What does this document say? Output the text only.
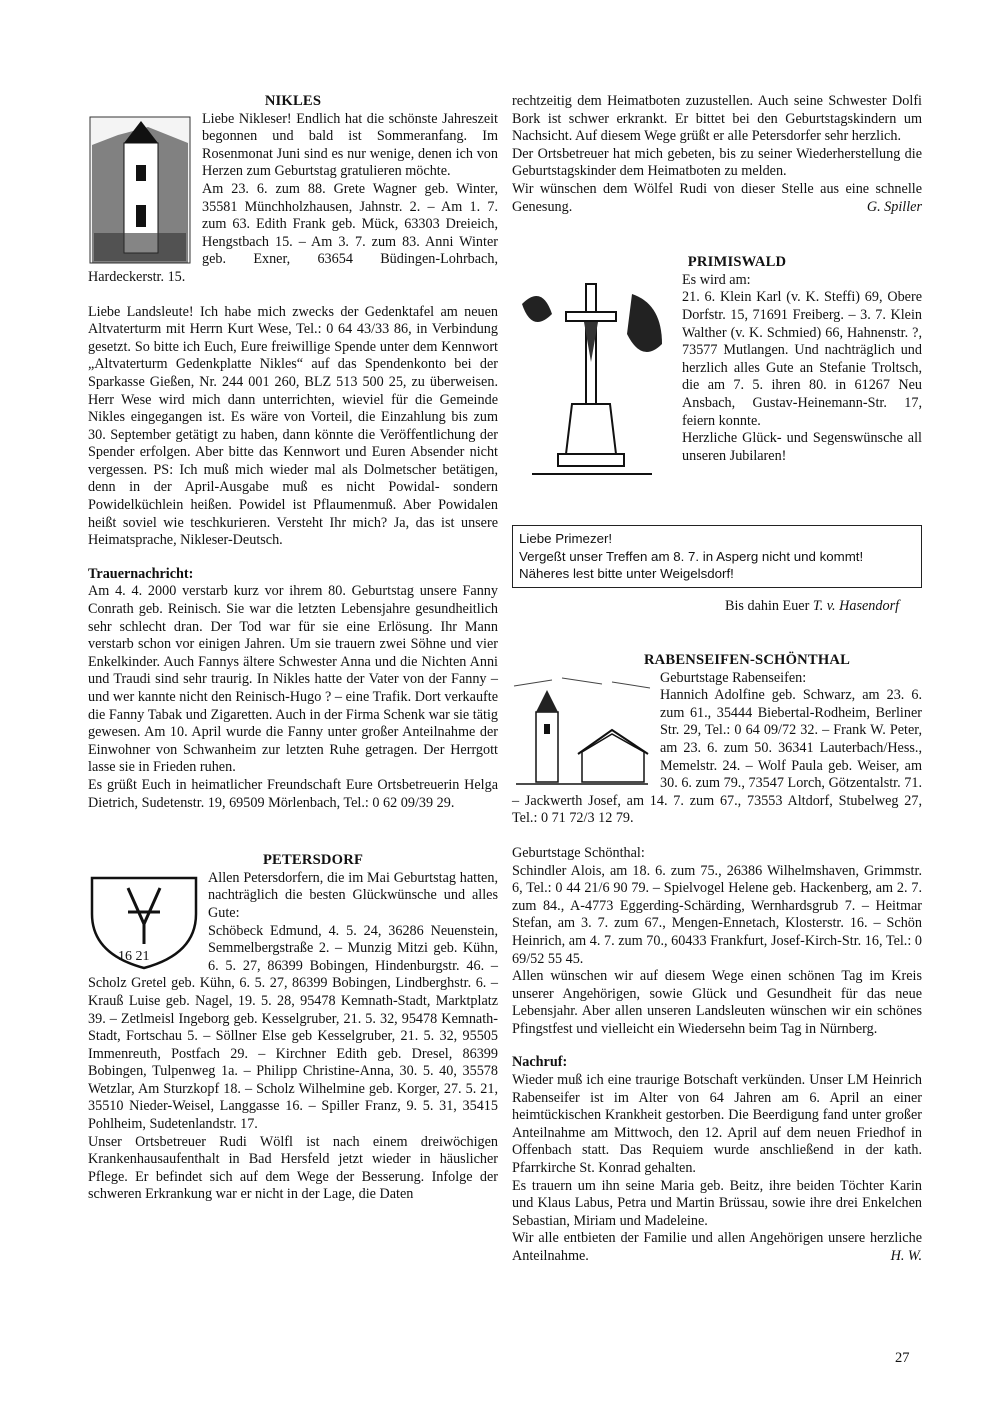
NIKLES

Liebe Nikleser! Endlich hat die schönste Jahreszeit begonnen und bald ist Sommeranfang. Im Rosenmonat Juni sind es nur wenige, denen ich von Herzen zum Geburtstag gratulieren möchte.

Am 23. 6. zum 88. Grete Wagner geb. Winter, 35581 Münchholzhausen, Jahnstr. 2. – Am 1. 7. zum 63. Edith Frank geb. Mück, 63303 Dreieich, Hengstbach 15. – Am 3. 7. zum 83. Anni Winter geb. Exner, 63654 Büdingen-Lohrbach, Hardeckerstr. 15.

Liebe Landsleute! Ich habe mich zwecks der Gedenktafel am neuen Altvaterturm mit Herrn Kurt Wese, Tel.: 0 64 43/33 86, in Verbindung gesetzt. So bitte ich Euch, Eure freiwillige Spende unter dem Kennwort „Altvaterturm Gedenkplatte Nikles“ auf das Spendenkonto bei der Sparkasse Gießen, Nr. 244 001 260, BLZ 513 500 25, zu überweisen. Herr Wese wird mich dann unterrichten, wieviel für die Gemeinde Nikles eingegangen ist. Es wäre von Vorteil, die Einzahlung bis zum 30. September getätigt zu haben, dann könnte die Veröffentlichung der Spender erfolgen. Aber bitte das Kennwort und Euren Absender nicht vergessen. PS: Ich muß mich wieder mal als Dolmetscher betätigen, denn in der April-Ausgabe muß es nicht Powidal- sondern Powidelküchlein heißen. Powidel ist Pflaumenmuß. Aber Powidalen heißt soviel wie teschkurieren. Versteht Ihr mich? Ja, das ist unsere Heimatsprache, Nikleser-Deutsch.

Trauernachricht:

Am 4. 4. 2000 verstarb kurz vor ihrem 80. Geburtstag unsere Fanny Conrath geb. Reinisch. Sie war die letzten Lebensjahre gesundheitlich sehr schlecht dran. Der Tod war für sie eine Erlösung. Ihr Mann verstarb schon vor einigen Jahren. Um sie trauern zwei Söhne und vier Enkelkinder. Auch Fannys ältere Schwester Anna und die Nichten Anni und Traudi sind sehr traurig. In Nikles hatte der Vater von der Fanny – und wer kannte nicht den Reinisch-Hugo ? – eine Trafik. Dort verkaufte die Fanny Tabak und Zigaretten. Auch in der Firma Schenk war sie tätig gewesen. Am 10. April wurde die Fanny unter großer Anteilnahme der Einwohner von Schwanheim zur letzten Ruhe getragen. Der Herrgott lasse sie in Frieden ruhen.

Es grüßt Euch in heimatlicher Freundschaft Eure Ortsbetreuerin Helga Dietrich, Sudetenstr. 19, 69509 Mörlenbach, Tel.: 0 62 09/39 29.

PETERSDORF
16 21

Allen Petersdorfern, die im Mai Geburtstag hatten, nachträglich die besten Glückwünsche und alles Gute:

Schöbeck Edmund, 4. 5. 24, 36286 Neuenstein, Semmelbergstraße 2. – Munzig Mitzi geb. Kühn, 6. 5. 27, 86399 Bobingen, Hindenburgstr. 46. – Scholz Gretel geb. Kühn, 6. 5. 27, 86399 Bobingen, Lindberghstr. 6. – Krauß Luise geb. Nagel, 19. 5. 28, 95478 Kemnath-Stadt, Marktplatz 39. – Zetlmeisl Ingeborg geb. Kesselgruber, 21. 5. 32, 95478 Kemnath-Stadt, Fortschau 5. – Söllner Else geb Kesselgruber, 21. 5. 32, 95505 Immenreuth, Postfach 29. – Kirchner Edith geb. Dresel, 86399 Bobingen, Tulpenweg 1a. – Philipp Christine-Anna, 30. 5. 40, 35578 Wetzlar, Am Sturzkopf 18. – Scholz Wilhelmine geb. Korger, 27. 5. 21, 35510 Nieder-Weisel, Langgasse 16. – Spiller Franz, 9. 5. 31, 35415 Pohlheim, Sudetenlandstr. 17.

Unser Ortsbetreuer Rudi Wölfl ist nach einem dreiwöchigen Krankenhausaufenthalt in Bad Hersfeld jetzt wieder in häuslicher Pflege. Er befindet sich auf dem Wege der Besserung. Infolge der schweren Erkrankung war er nicht in der Lage, die Daten

rechtzeitig dem Heimatboten zuzustellen. Auch seine Schwester Dolfi Bork ist schwer erkrankt. Er bittet bei den Geburtstagskindern um Nachsicht. Auf diesem Wege grüßt er alle Petersdorfer sehr herzlich.

Der Ortsbetreuer hat mich gebeten, bis zu seiner Wiederherstellung die Geburtstagskinder dem Heimatboten zu melden.

Wir wünschen dem Wölfel Rudi von dieser Stelle aus eine schnelle Genesung.	G. Spiller

PRIMISWALD

Es wird am:

21. 6. Klein Karl (v. K. Steffi) 69, Obere Dorfstr. 15, 71691 Freiberg. – 3. 7. Klein Walther (v. K. Schmied) 66, Hahnenstr. ?, 73577 Mutlangen. Und nachträglich und herzlich alles Gute an Stefanie Troltsch, die am 7. 5. ihren 80. in 61267 Neu Ansbach, Gustav-Heinemann-Str. 17, feiern konnte.

Herzliche Glück- und Segenswünsche all unseren Jubilaren!

Liebe Primezer!
Vergeßt unser Treffen am 8. 7. in Asperg nicht und kommt!
Näheres lest bitte unter Weigelsdorf!
Bis dahin Euer T. v. Hasendorf
RABENSEIFEN-SCHÖNTHAL

Geburtstage Rabenseifen:

Hannich Adolfine geb. Schwarz, am 23. 6. zum 61., 35444 Biebertal-Rodheim, Berliner Str. 29, Tel.: 0 64 09/72 32. – Frank W. Peter, am 23. 6. zum 50. 36341 Lauterbach/Hess., Memelstr. 24. – Wolf Paula geb. Weiser, am 30. 6. zum 79., 73547 Lorch, Götzentalstr. 71. – Jackwerth Josef, am 14. 7. zum 67., 73553 Altdorf, Stubelweg 27, Tel.: 0 71 72/3 12 79.

Geburtstage Schönthal:

Schindler Alois, am 18. 6. zum 75., 26386 Wilhelmshaven, Grimmstr. 6, Tel.: 0 44 21/6 90 79. – Spielvogel Helene geb. Hackenberg, am 2. 7. zum 84., A-4773 Eggerding-Schärding, Wernhardsgrub 7. – Heitmar Stefan, am 3. 7. zum 67., Mengen-Ennetach, Klosterstr. 16. – Schön Heinrich, am 4. 7. zum 70., 60433 Frankfurt, Josef-Kirch-Str. 16, Tel.: 0 69/52 55 45.

Allen wünschen wir auf diesem Wege einen schönen Tag im Kreis unserer Angehörigen, sowie Glück und Gesundheit für das neue Lebensjahr. Aber allen unseren Landsleuten wünschen wir ein schönes Pfingstfest und vielleicht ein Wiedersehn beim Tag in Nürnberg.

Nachruf:

Wieder muß ich eine traurige Botschaft verkünden. Unser LM Heinrich Rabenseifer ist im Alter von 64 Jahren am 6. April an einer heimtückischen Krankheit gestorben. Die Beerdigung fand unter großer Anteilnahme am Mittwoch, den 12. April auf dem neuen Friedhof in Offenbach statt. Das Requiem wurde anschließend in der kath. Pfarrkirche St. Konrad gehalten.

Es trauern um ihn seine Maria geb. Beitz, ihre beiden Töchter Karin und Klaus Labus, Petra und Martin Brüssau, sowie ihre drei Enkelchen Sebastian, Miriam und Madeleine.

Wir alle entbieten der Familie und allen Angehörigen unsere herzliche Anteilnahme.	H. W.

27
